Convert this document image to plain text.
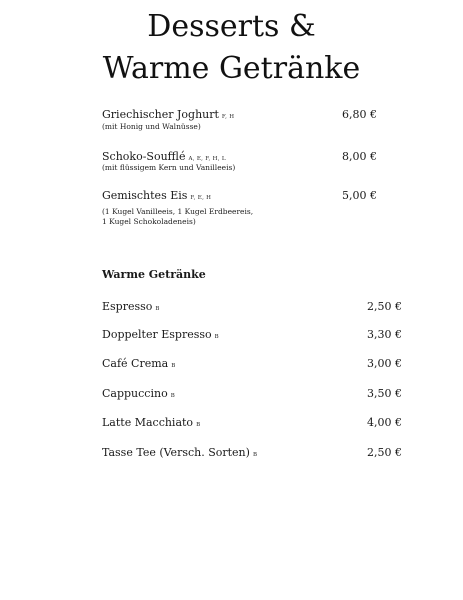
Desserts &
Warme Getränke
Griechischer Joghurt F, H
(mit Honig und Walnüsse)
6,80 €
Schoko-Soufflé A, E, F, H, L
(mit flüssigem Kern und Vanilleeis)
8,00 €
Gemischtes Eis F, E, H
(1 Kugel Vanilleeis, 1 Kugel Erdbeereis,
1 Kugel Schokoladeneis)
5,00 €
Warme Getränke
Espresso B	2,50 €
Doppelter Espresso B	3,30 €
Café Crema B	3,00 €
Cappuccino B	3,50 €
Latte Macchiato B	4,00 €
Tasse Tee (Versch. Sorten) B	2,50 €
